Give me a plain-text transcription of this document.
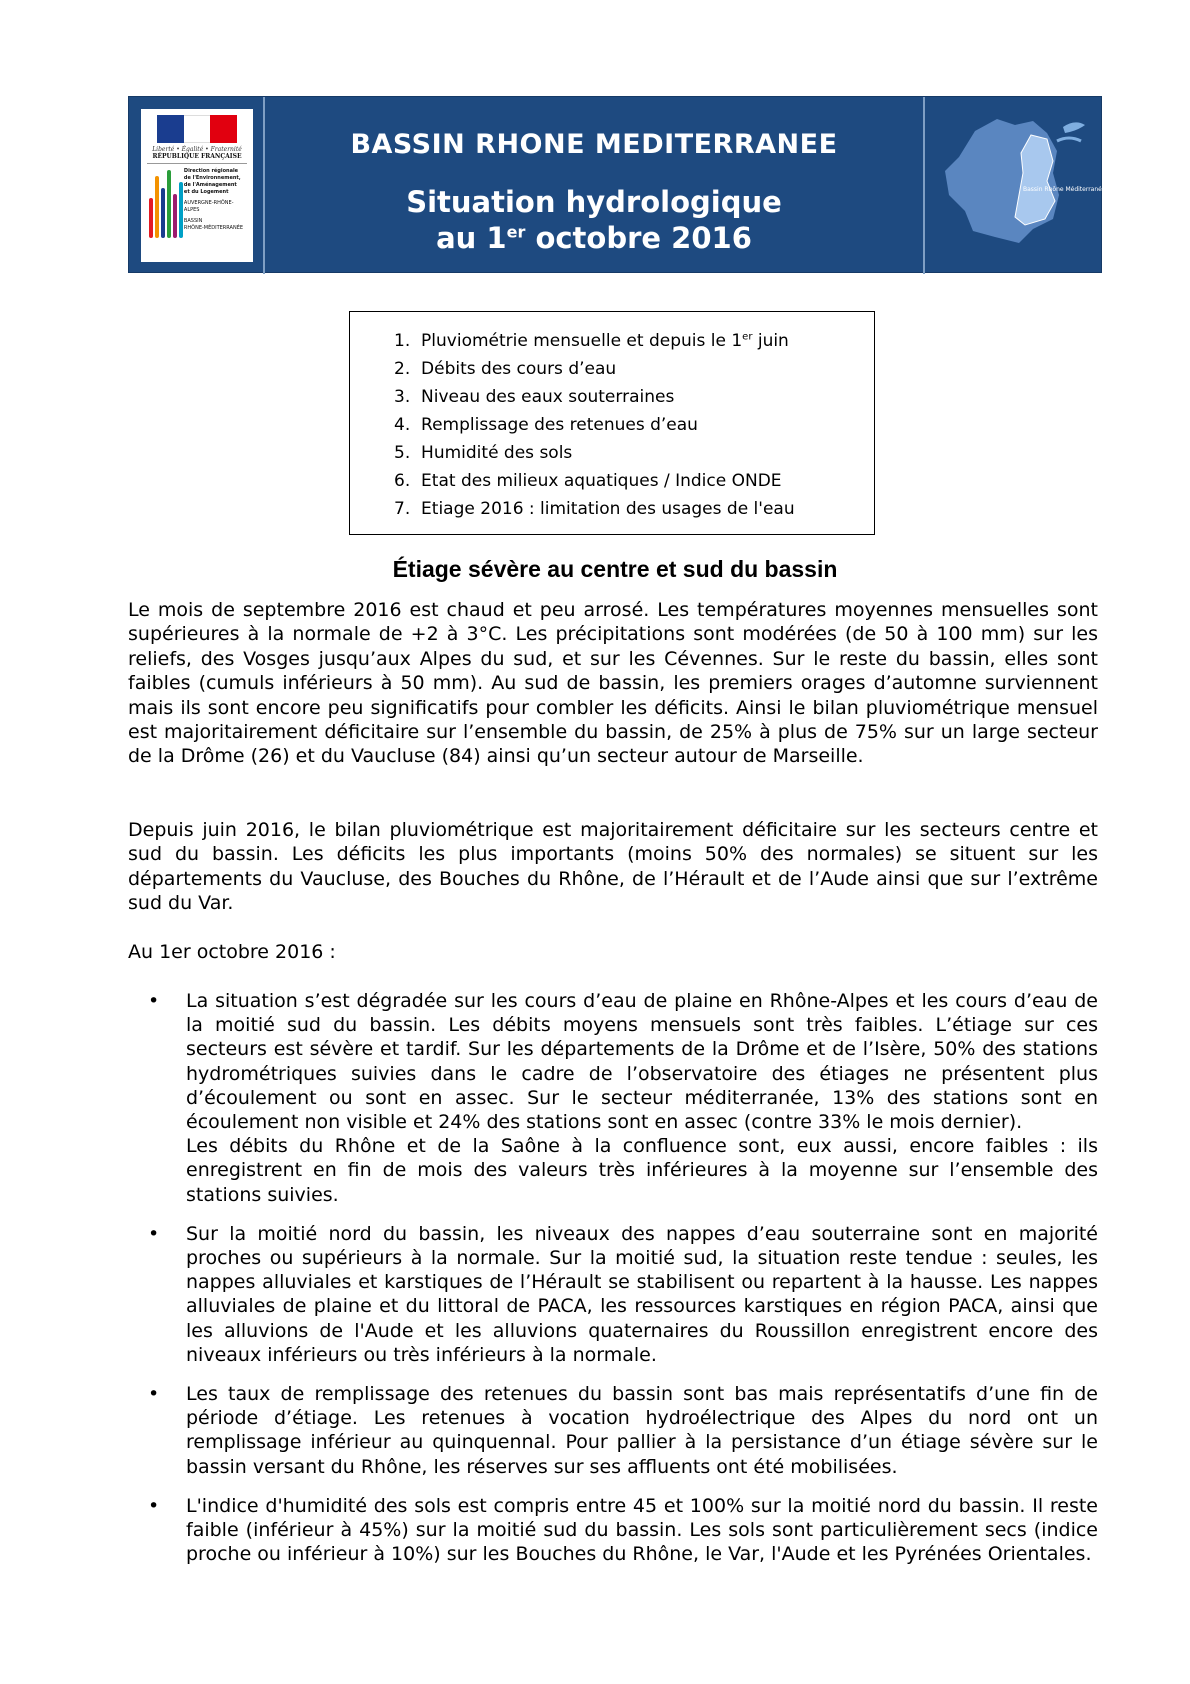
Liberté • Égalité • Fraternité
RÉPUBLIQUE FRANÇAISE
Direction régionale
de l'Environnement,
de l'Aménagement
et du Logement
AUVERGNE-RHÔNE-ALPES
BASSIN
RHÔNE-MÉDITERRANÉE
BASSIN RHONE MEDITERRANEE
Situation hydrologique
au 1er octobre 2016
Bassin Rhône Méditerranée
1. Pluviométrie mensuelle et depuis le 1er juin
2. Débits des cours d’eau
3. Niveau des eaux souterraines
4. Remplissage des retenues d’eau
5. Humidité des sols
6. Etat des milieux aquatiques / Indice ONDE
7. Etiage 2016 : limitation des usages de l'eau
Étiage sévère au centre et sud du bassin

Le mois de septembre 2016 est chaud et peu arrosé. Les températures moyennes mensuelles sont supérieures à la normale de +2 à 3°C. Les précipitations sont modérées (de 50 à 100 mm) sur les reliefs, des Vosges jusqu’aux Alpes du sud, et sur les Cévennes. Sur le reste du bassin, elles sont faibles (cumuls inférieurs à 50 mm). Au sud de bassin, les premiers orages d’automne surviennent mais ils sont encore peu significatifs pour combler les déficits. Ainsi le bilan pluviométrique mensuel est majoritairement déficitaire sur l’ensemble du bassin, de 25% à plus de 75% sur un large secteur de la Drôme (26) et du Vaucluse (84) ainsi qu’un secteur autour de Marseille.

Depuis juin 2016, le bilan pluviométrique est majoritairement déficitaire sur les secteurs centre et sud du bassin. Les déficits les plus importants (moins 50% des normales) se situent sur les départements du Vaucluse, des Bouches du Rhône, de l’Hérault et de l’Aude ainsi que sur l’extrême sud du Var.

Au 1er octobre 2016 :

• La situation s’est dégradée sur les cours d’eau de plaine en Rhône-Alpes et les cours d’eau de la moitié sud du bassin. Les débits moyens mensuels sont très faibles. L’étiage sur ces secteurs est sévère et tardif. Sur les départements de la Drôme et de l’Isère, 50% des stations hydrométriques suivies dans le cadre de l’observatoire des étiages ne présentent plus d’écoulement ou sont en assec. Sur le secteur méditerranée, 13% des stations sont en écoulement non visible et 24% des stations sont en assec (contre 33% le mois dernier).

Les débits du Rhône et de la Saône à la confluence sont, eux aussi, encore faibles : ils enregistrent en fin de mois des valeurs très inférieures à la moyenne sur l’ensemble des stations suivies.

• Sur la moitié nord du bassin, les niveaux des nappes d’eau souterraine sont en majorité proches ou supérieurs à la normale. Sur la moitié sud, la situation reste tendue : seules, les nappes alluviales et karstiques de l’Hérault se stabilisent ou repartent à la hausse. Les nappes alluviales de plaine et du littoral de PACA, les ressources karstiques en région PACA, ainsi que les alluvions de l'Aude et les alluvions quaternaires du Roussillon enregistrent encore des niveaux inférieurs ou très inférieurs à la normale.

• Les taux de remplissage des retenues du bassin sont bas mais représentatifs d’une fin de période d’étiage. Les retenues à vocation hydroélectrique des Alpes du nord ont un remplissage inférieur au quinquennal. Pour pallier à la persistance d’un étiage sévère sur le bassin versant du Rhône, les réserves sur ses affluents ont été mobilisées.

• L'indice d'humidité des sols est compris entre 45 et 100% sur la moitié nord du bassin. Il reste faible (inférieur à 45%) sur la moitié sud du bassin. Les sols sont particulièrement secs (indice proche ou inférieur à 10%) sur les Bouches du Rhône, le Var, l'Aude et les Pyrénées Orientales.
